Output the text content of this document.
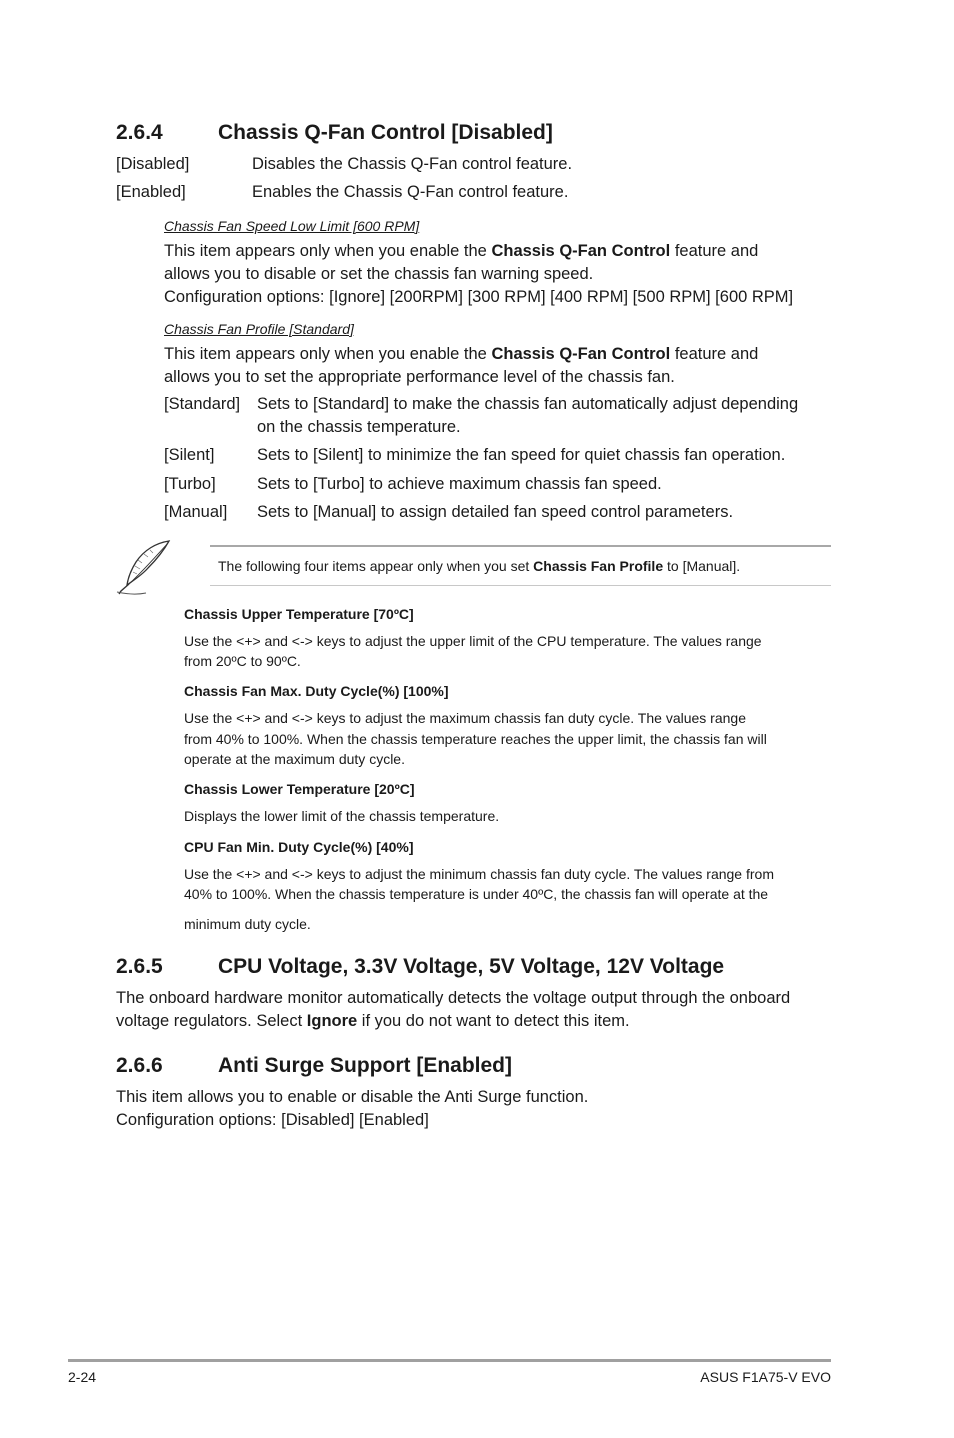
2.6.4	Chassis Q-Fan Control [Disabled]
[Disabled]	Disables the Chassis Q-Fan control feature.
[Enabled]	Enables the Chassis Q-Fan control feature.
Chassis Fan Speed Low Limit [600 RPM]
This item appears only when you enable the Chassis Q-Fan Control feature and
allows you to disable or set the chassis fan warning speed.
Configuration options: [Ignore] [200RPM] [300 RPM] [400 RPM] [500 RPM] [600 RPM]
Chassis Fan Profile [Standard]
This item appears only when you enable the Chassis Q-Fan Control feature and
allows you to set the appropriate performance level of the chassis fan.
[Standard] Sets to [Standard] to make the chassis fan automatically adjust depending
on the chassis temperature.
[Silent]	Sets to [Silent] to minimize the fan speed for quiet chassis fan operation.
[Turbo]	Sets to [Turbo] to achieve maximum chassis fan speed.
[Manual] Sets to [Manual] to assign detailed fan speed control parameters.
The following four items appear only when you set Chassis Fan Profile to [Manual].
Chassis Upper Temperature [70ºC]
Use the <+> and <-> keys to adjust the upper limit of the CPU temperature. The values range
from 20ºC to 90ºC.
Chassis Fan Max. Duty Cycle(%) [100%]
Use the <+> and <-> keys to adjust the maximum chassis fan duty cycle. The values range
from 40% to 100%. When the chassis temperature reaches the upper limit, the chassis fan will
operate at the maximum duty cycle.
Chassis Lower Temperature [20ºC]
Displays the lower limit of the chassis temperature.
CPU Fan Min. Duty Cycle(%) [40%]
Use the <+> and <-> keys to adjust the minimum chassis fan duty cycle. The values range from
40% to 100%. When the chassis temperature is under 40ºC, the chassis fan will operate at the
minimum duty cycle.
2.6.5	CPU Voltage, 3.3V Voltage, 5V Voltage, 12V Voltage
The onboard hardware monitor automatically detects the voltage output through the onboard
voltage regulators. Select Ignore if you do not want to detect this item.
2.6.6	Anti Surge Support [Enabled]
This item allows you to enable or disable the Anti Surge function.
Configuration options: [Disabled] [Enabled]
2-24	ASUS F1A75-V EVO
